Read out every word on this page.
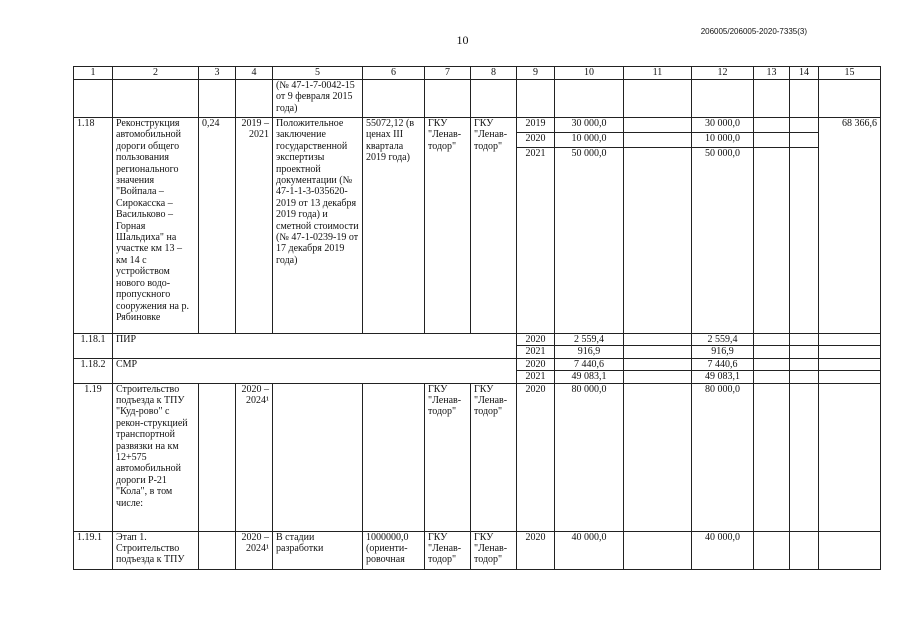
10
206005/206005-2020-7335(3)
1	2	3	4	5	6	7	8	9	10	11	12	13	14	15
				(№ 47-1-7-0042-15 от 9 февраля 2015 года)										
1.18	Реконструкция автомобильной дороги общего пользования регионального значения "Войпала – Сирокасска – Васильково – Горная Шальдиха" на участке км 13 – км 14 с устройством нового водо-пропускного сооружения на р. Рябиновке	0,24	2019 – 2021	Положительное заключение государственной экспертизы проектной документации (№ 47-1-1-3-035620-2019 от 13 декабря 2019 года) и сметной стоимости (№ 47-1-0239-19 от 17 декабря 2019 года)	55072,12 (в ценах III квартала 2019 года)	ГКУ "Ленав-тодор"	ГКУ "Ленав-тодор"	2019	30 000,0		30 000,0			68 366,6
								2020	10 000,0		10 000,0			
								2021	50 000,0		50 000,0			
1.18.1	ПИР							2020	2 559,4		2 559,4			
								2021	916,9		916,9			
1.18.2	СМР							2020	7 440,6		7 440,6			
								2021	49 083,1		49 083,1			
1.19	Строительство подъезда к ТПУ "Куд-рово" с рекон-струкцией транспортной развязки на км 12+575 автомобильной дороги Р-21 "Кола", в том числе:		2020 – 2024¹			ГКУ "Ленав-тодор"	ГКУ "Ленав-тодор"	2020	80 000,0		80 000,0			
1.19.1	Этап 1. Строительство подъезда к ТПУ		2020 – 2024¹	В стадии разработки	1000000,0 (ориенти-ровочная	ГКУ "Ленав-тодор"	ГКУ "Ленав-тодор"	2020	40 000,0		40 000,0			
